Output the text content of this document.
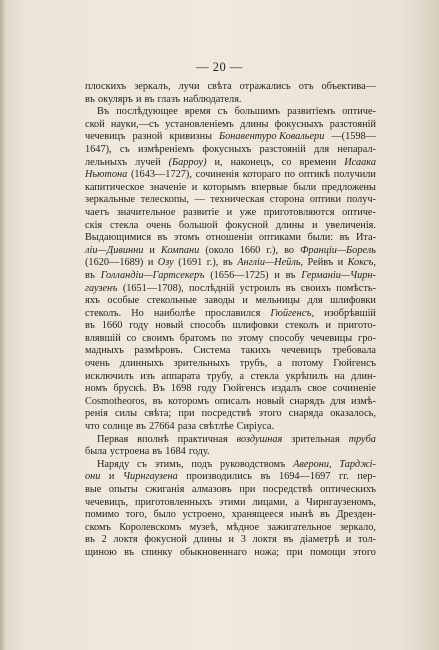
— 20 —
плоскихъ зеркалъ, лучи свѣта отражались отъ объектива—
въ окуляръ и въ глазъ наблюдателя.
Въ послѣдующее время съ большимъ развитіемъ оптиче-
ской науки,—съ установленіемъ длины фокусныхъ разстояній
чечевицъ разной кривизны Бонавентуро Ковальери —(1598—
1647), съ измѣреніемъ фокусныхъ разстояній для непарал-
лельныхъ лучей (Барроу) и, наконецъ, со времени Исаака
Ньютона (1643—1727), сочиненія котораго по оптикѣ получили
капитическое значеніе и которымъ впервые были предложены
зеркальные телескопы, — техническая сторона оптики получ-
чаетъ значительное развитіе и уже приготовляются оптиче-
скія стекла очень большой фокусной длины и увеличенія.
Выдающимися въ этомъ отношеніи оптиками были: въ Ита-
ліи—Дивинни и Компани (около 1660 г.), во Франціи—Борель
(1620—1689) и Озу (1691 г.), въ Англіи—Нейль, Рейвъ и Коксъ,
въ Голландіи—Гартсекеръ (1656—1725) и въ Германіи—Чирн-
гаузенъ (1651—1708), послѣдній устроилъ въ своихъ помѣсть-
яхъ особые стекольные заводы и мельницы для шлифовки
стеколъ. Но наиболѣе прославился Гюйгенсъ, изобрѣвшій
въ 1660 году новый способъ шлифовки стеколъ и пригото-
влявшій со своимъ братомъ по этому способу чечевицы гро-
мадныхъ размѣровъ. Система такихъ чечевицъ требовала
очень длинныхъ зрительныхъ трубъ, а потому Гюйгенсъ
исключилъ изъ аппарата трубу, а стекла укрѣпилъ на длин-
номъ брускѣ. Въ 1698 году Гюйгенсъ издалъ свое сочиненіе
Cosmotheoros, въ которомъ описалъ новый снарядъ для измѣ-
ренія силы свѣта; при посредствѣ этого снаряда оказалось,
что солнце въ 27664 раза свѣтлѣе Сиріуса.
Первая вполнѣ практичная воздушная зрительная труба
была устроена въ 1684 году.
Наряду съ этимъ, подъ руководствомъ Аверони, Тарджі-
они и Чирнгаузена производились въ 1694—1697 гг. пер-
вые опыты сжиганія алмазовъ при посредствѣ оптическихъ
чечевицъ, приготовленныхъ этими лицами, а Чирнгаузеномъ,
помимо того, было устроено, хранящееся нынѣ въ Дрезден-
скомъ Королевскомъ музеѣ, мѣдное зажигательное зеркало,
въ 2 локтя фокусной длины и 3 локтя въ діаметрѣ и тол-
щиною въ спинку обыкновеннаго ножа; при помощи этого
